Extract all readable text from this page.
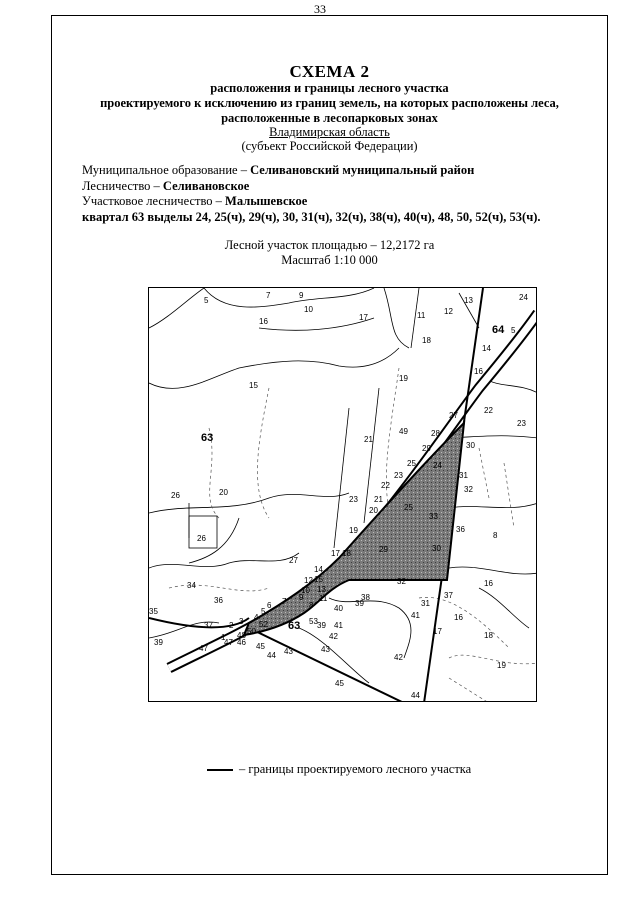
33
СХЕМА 2
расположения и границы лесного участка
проектируемого к исключению из границ земель, на которых расположены леса,
расположенные в лесопарковых зонах
Владимирская область
(субъект Российской Федерации)
Муниципальное образование – Селивановский муниципальный район
Лесничество – Селивановское
Участковое лесничество – Малышевское
квартал 63 выделы 24, 25(ч), 29(ч), 30, 31(ч), 32(ч), 38(ч), 40(ч), 48, 50, 52(ч), 53(ч).
Лесной участок площадью – 12,2172 га
Масштаб 1:10 000
5
7	9
10
16	17	11 12
13	24
14
5
18
15
19
16
27
22
23
49
21
28
26
29
25 24
30
20
31
23
22
21
32
20
34
23
26
25
33
19
35
36
27
17 18	29
8
30
16
14
15
12
13
11
10
37
36
32
9
8	31
38
39
40
41
7
6
5
4
3
2	41
17
16
18
1 48 50
52	53
42
39
37
39
47
47 46 45
44 43	43
42
19
45
44
63
64
63
– границы проектируемого лесного участка
